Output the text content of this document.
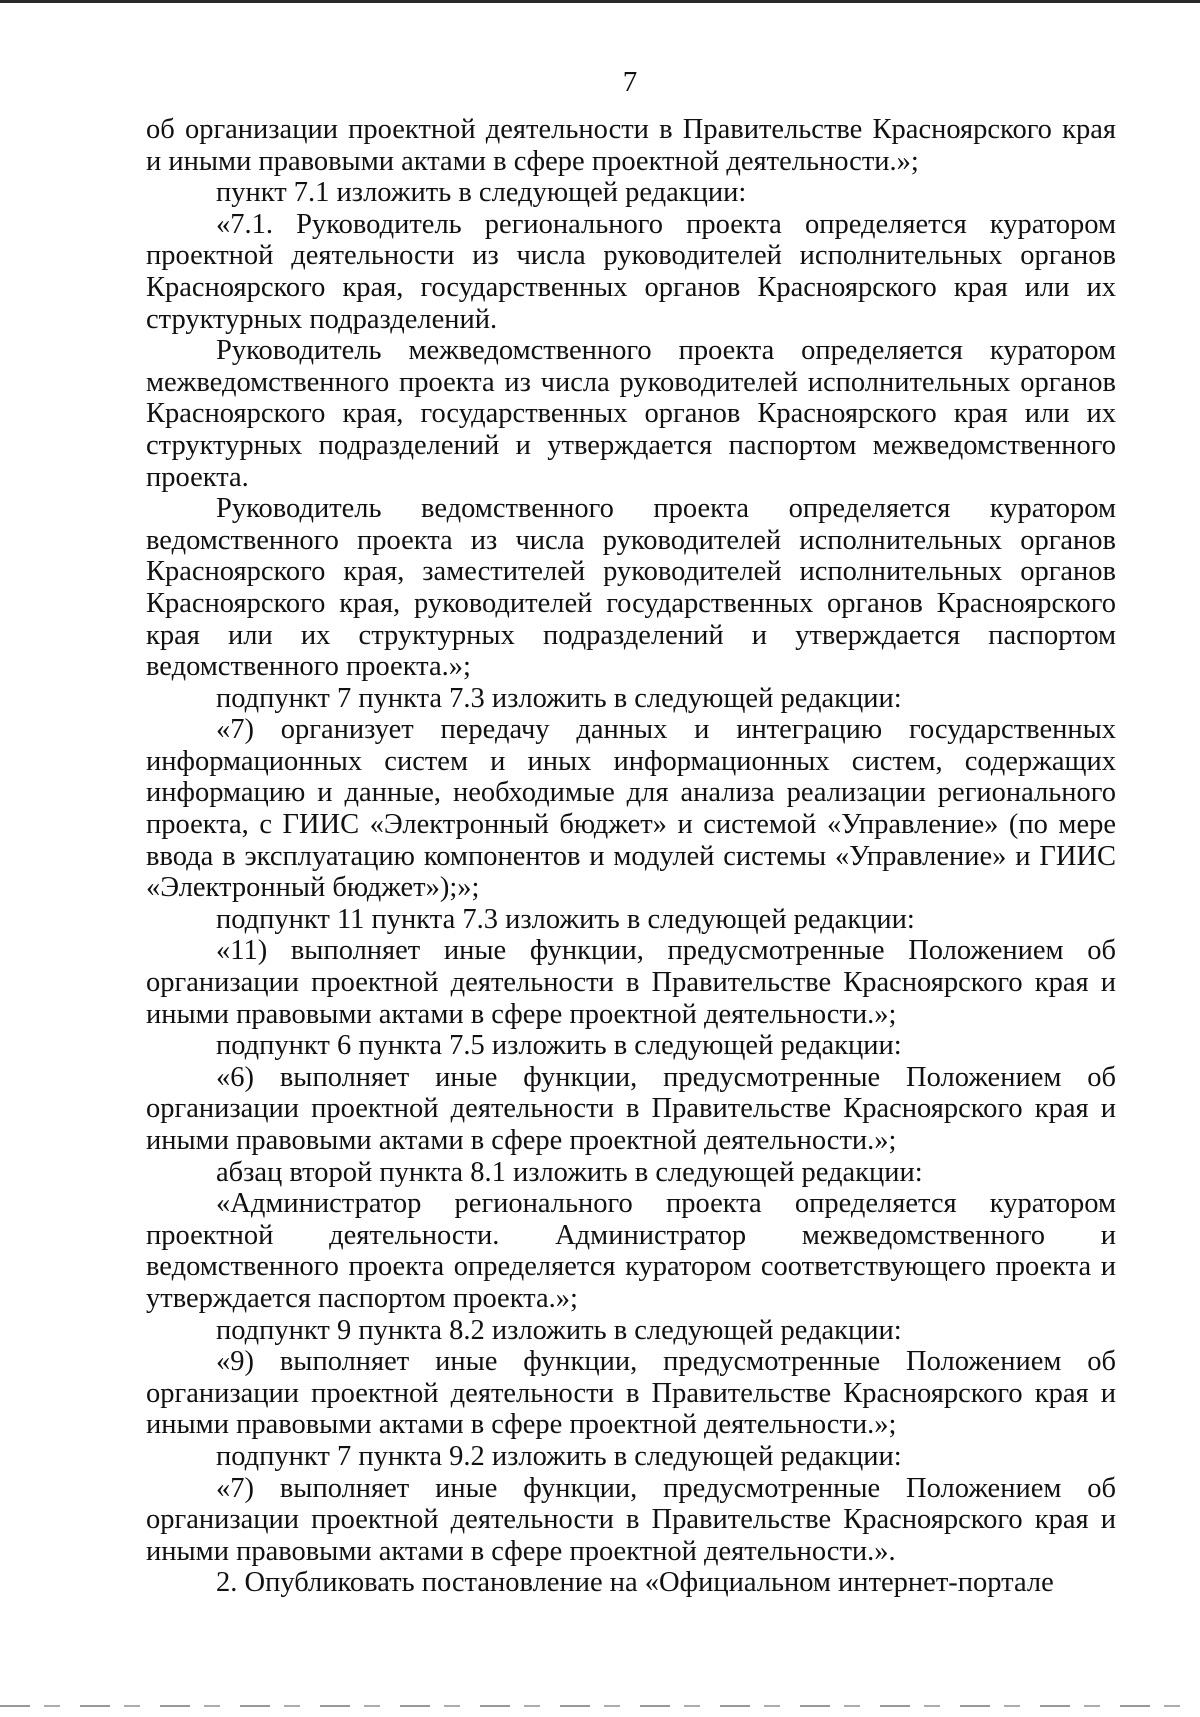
7

об организации проектной деятельности в Правительстве Красноярского края и иными правовыми актами в сфере проектной деятельности.»;

пункт 7.1 изложить в следующей редакции:

«7.1. Руководитель регионального проекта определяется куратором проектной деятельности из числа руководителей исполнительных органов Красноярского края, государственных органов Красноярского края или их структурных подразделений.

Руководитель межведомственного проекта определяется куратором межведомственного проекта из числа руководителей исполнительных органов Красноярского края, государственных органов Красноярского края или их структурных подразделений и утверждается паспортом межведомственного проекта.

Руководитель ведомственного проекта определяется куратором ведомственного проекта из числа руководителей исполнительных органов Красноярского края, заместителей руководителей исполнительных органов Красноярского края, руководителей государственных органов Красноярского края или их структурных подразделений и утверждается паспортом ведомственного проекта.»;

подпункт 7 пункта 7.3 изложить в следующей редакции:

«7) организует передачу данных и интеграцию государственных информационных систем и иных информационных систем, содержащих информацию и данные, необходимые для анализа реализации регионального проекта, с ГИИС «Электронный бюджет» и системой «Управление» (по мере ввода в эксплуатацию компонентов и модулей системы «Управление» и ГИИС «Электронный бюджет»);»;

подпункт 11 пункта 7.3 изложить в следующей редакции:

«11) выполняет иные функции, предусмотренные Положением об организации проектной деятельности в Правительстве Красноярского края и иными правовыми актами в сфере проектной деятельности.»;

подпункт 6 пункта 7.5 изложить в следующей редакции:

«6) выполняет иные функции, предусмотренные Положением об организации проектной деятельности в Правительстве Красноярского края и иными правовыми актами в сфере проектной деятельности.»;

абзац второй пункта 8.1 изложить в следующей редакции:

«Администратор регионального проекта определяется куратором проектной деятельности. Администратор межведомственного и ведомственного проекта определяется куратором соответствующего проекта и утверждается паспортом проекта.»;

подпункт 9 пункта 8.2 изложить в следующей редакции:

«9) выполняет иные функции, предусмотренные Положением об организации проектной деятельности в Правительстве Красноярского края и иными правовыми актами в сфере проектной деятельности.»;

подпункт 7 пункта 9.2 изложить в следующей редакции:

«7) выполняет иные функции, предусмотренные Положением об организации проектной деятельности в Правительстве Красноярского края и иными правовыми актами в сфере проектной деятельности.».

2. Опубликовать постановление на «Официальном интернет-портале
